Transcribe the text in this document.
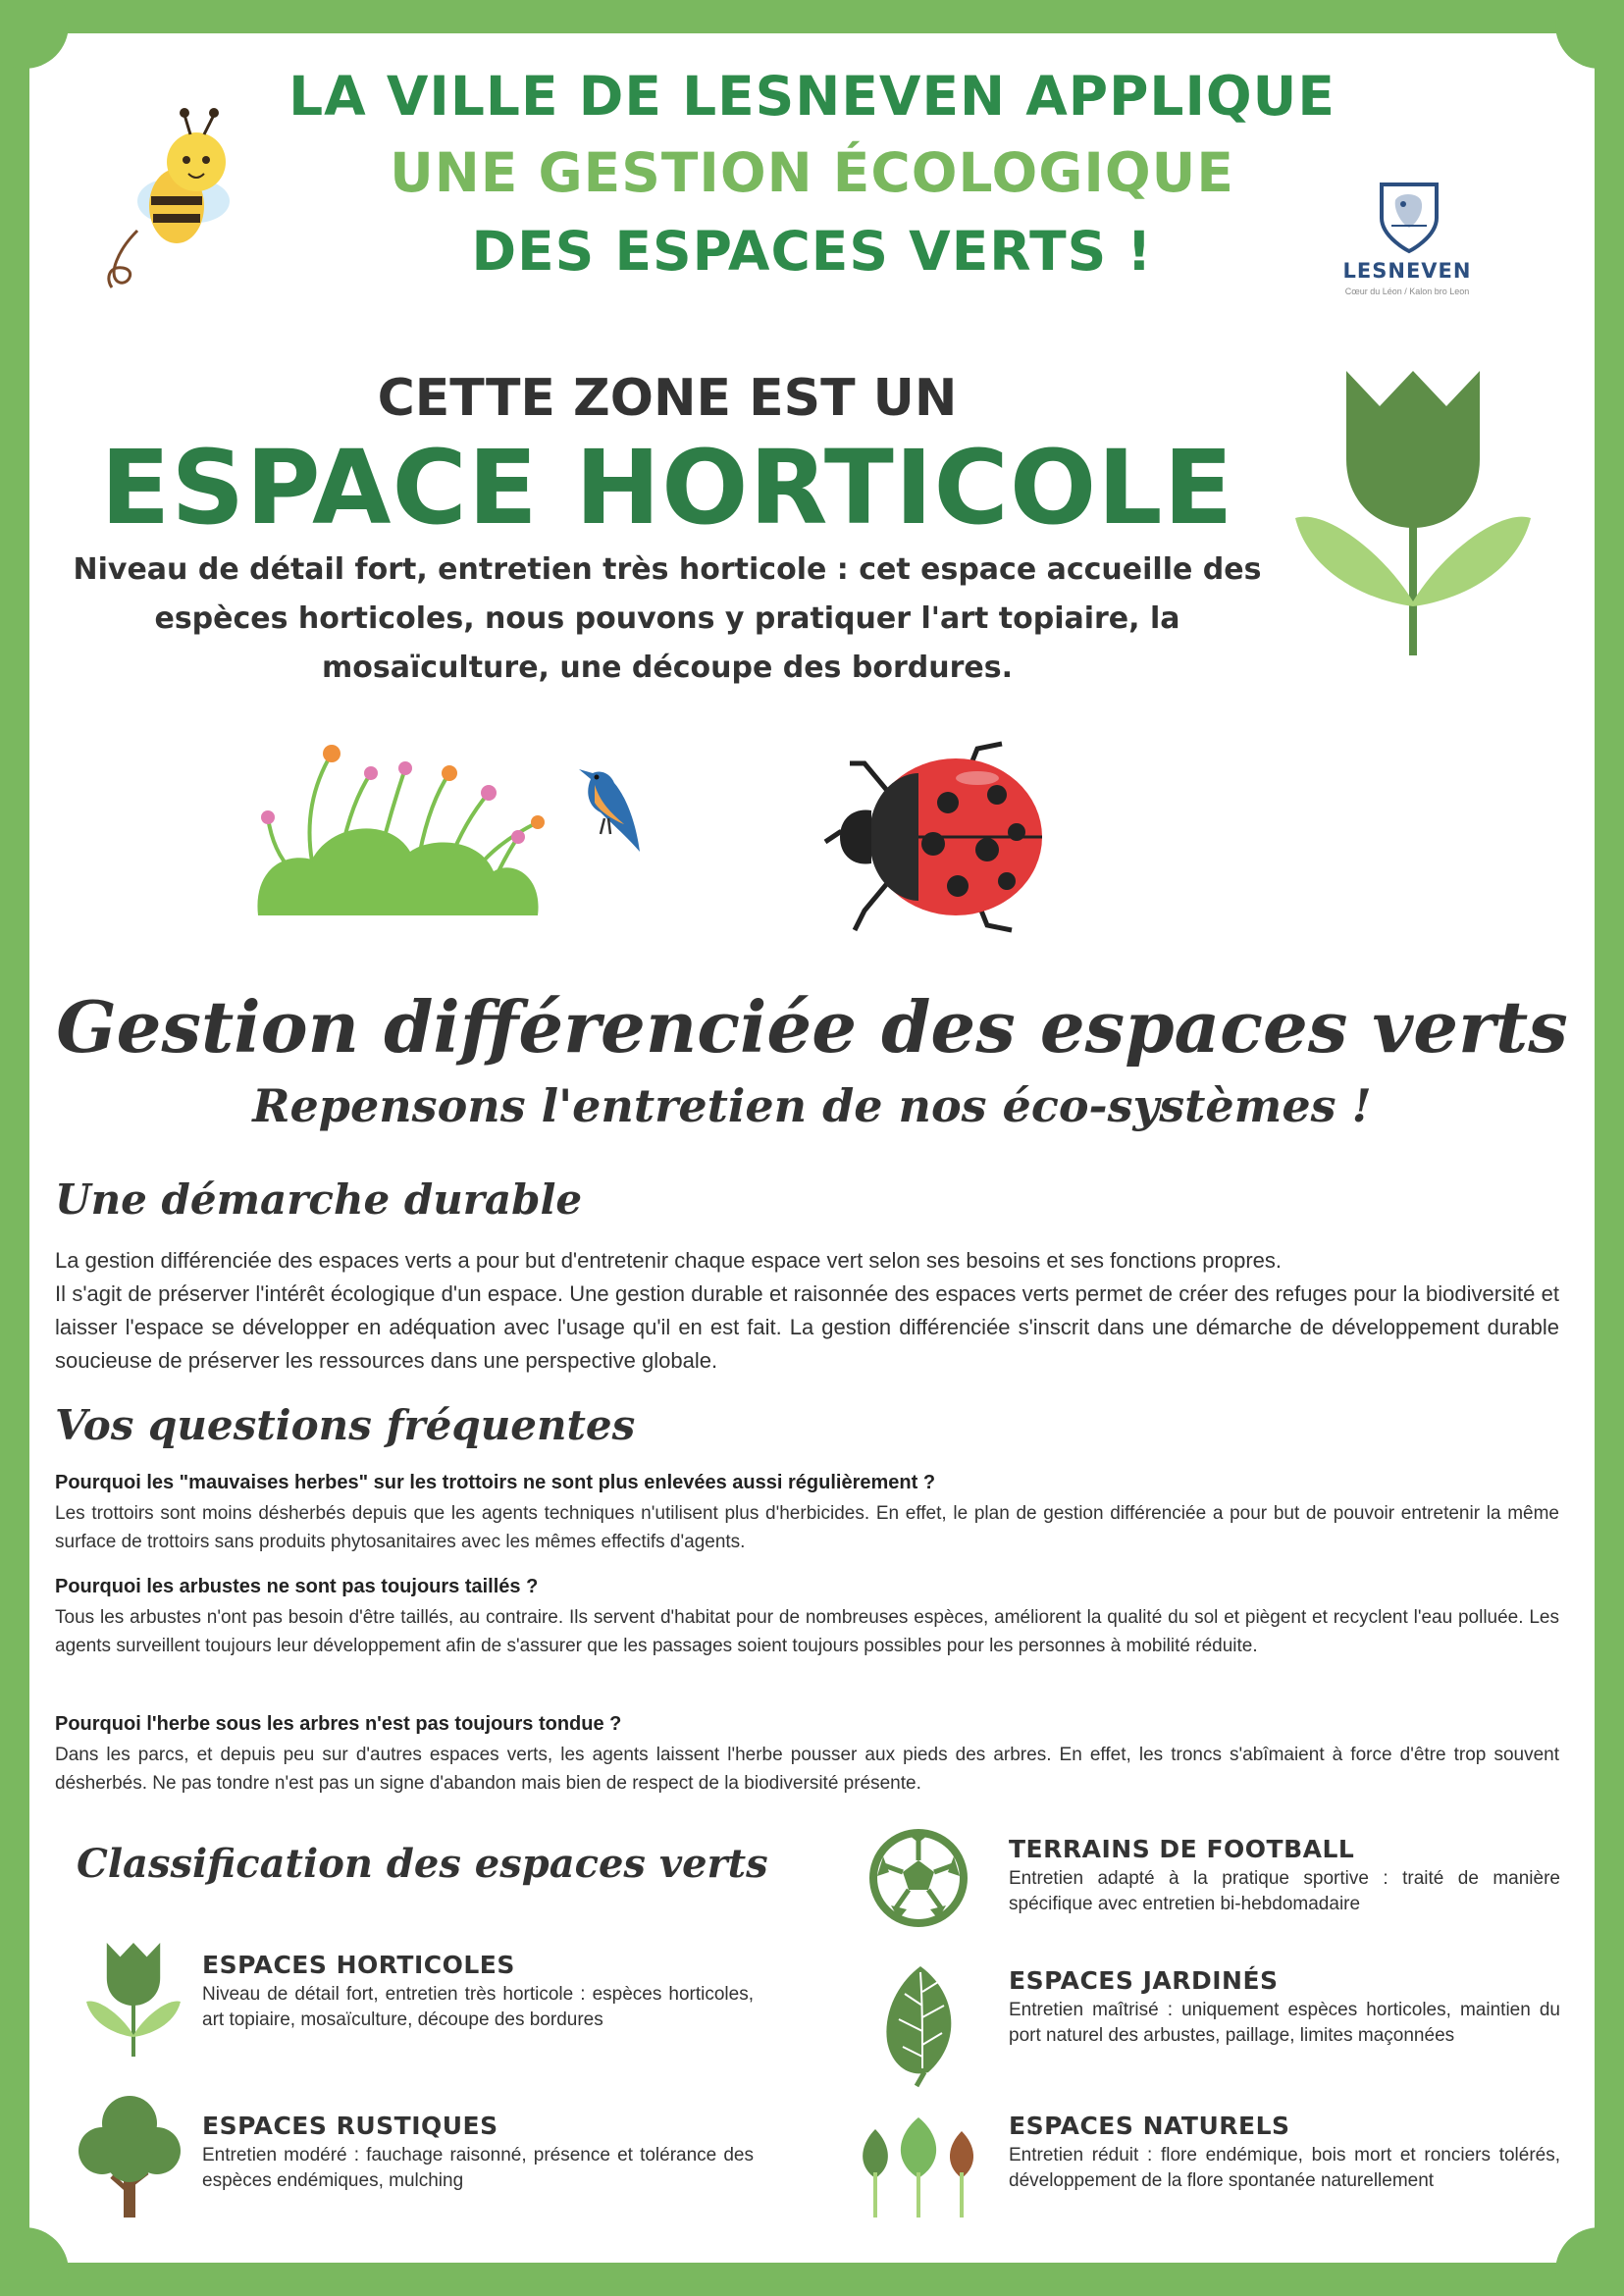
LA VILLE DE LESNEVEN APPLIQUE

UNE GESTION ÉCOLOGIQUE

DES ESPACES VERTS !	LESNEVEN

Cœur du Léon / Kalon bro Leon

CETTE ZONE EST UN

ESPACE HORTICOLE

Niveau de détail fort, entretien très horticole : cet espace accueille des espèces horticoles, nous pouvons y pratiquer l'art topiaire, la mosaïculture, une découpe des bordures.

Gestion différenciée des espaces verts

Repensons l'entretien de nos éco-systèmes !

Une démarche durable

La gestion différenciée des espaces verts a pour but d'entretenir chaque espace vert selon ses besoins et ses fonctions propres.

Il s'agit de préserver l'intérêt écologique d'un espace. Une gestion durable et raisonnée des espaces verts permet de créer des refuges pour la biodiversité et laisser l'espace se développer en adéquation avec l'usage qu'il en est fait. La gestion différenciée s'inscrit dans une démarche de développement durable soucieuse de préserver les ressources dans une perspective globale.

Vos questions fréquentes

Pourquoi les "mauvaises herbes" sur les trottoirs ne sont plus enlevées aussi régulièrement ?

Les trottoirs sont moins désherbés depuis que les agents techniques n'utilisent plus d'herbicides. En effet, le plan de gestion différenciée a pour but de pouvoir entretenir la même surface de trottoirs sans produits phytosanitaires avec les mêmes effectifs d'agents.

Pourquoi les arbustes ne sont pas toujours taillés ?

Tous les arbustes n'ont pas besoin d'être taillés, au contraire. Ils servent d'habitat pour de nombreuses espèces, améliorent la qualité du sol et piègent et recyclent l'eau polluée. Les agents surveillent toujours leur développement afin de s'assurer que les passages soient toujours possibles pour les personnes à mobilité réduite.

Pourquoi l'herbe sous les arbres n'est pas toujours tondue ?

Dans les parcs, et depuis peu sur d'autres espaces verts, les agents laissent l'herbe pousser aux pieds des arbres. En effet, les troncs s'abîmaient à force d'être trop souvent désherbés. Ne pas tondre n'est pas un signe d'abandon mais bien de respect de la biodiversité présente.

Classification des espaces verts

ESPACES HORTICOLES

Niveau de détail fort, entretien très horticole : espèces horticoles, art topiaire, mosaïculture, découpe des bordures

ESPACES RUSTIQUES

Entretien modéré : fauchage raisonné, présence et tolérance des espèces endémiques, mulching

TERRAINS DE FOOTBALL

Entretien adapté à la pratique sportive : traité de manière spécifique avec entretien bi-hebdomadaire

ESPACES JARDINÉS

Entretien maîtrisé : uniquement espèces horticoles, maintien du port naturel des arbustes, paillage, limites maçonnées

ESPACES NATURELS

Entretien réduit : flore endémique, bois mort et ronciers tolérés, développement de la flore spontanée naturellement
